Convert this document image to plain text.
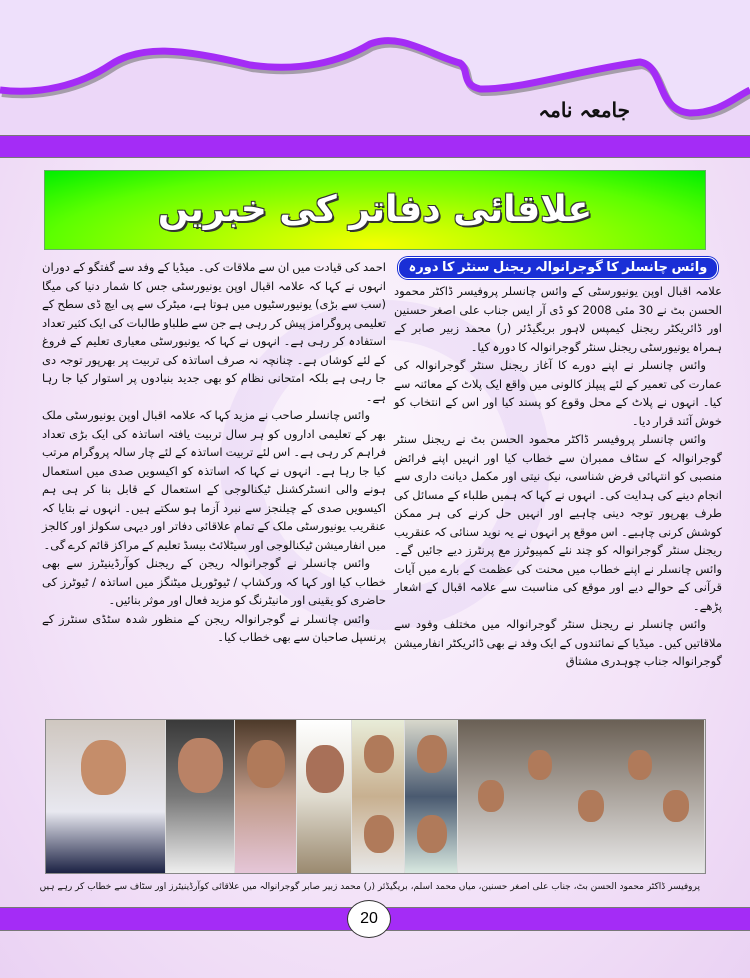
جامعہ نامہ
علاقائی دفاتر کی خبریں
وائس چانسلر کا گوجرانوالہ ریجنل سنٹر کا دورہ

علامہ اقبال اوپن یونیورسٹی کے وائس چانسلر پروفیسر ڈاکٹر محمود الحسن بٹ نے 30 مئی 2008 کو ڈی آر ایس جناب علی اصغر حسنین اور ڈائریکٹر ریجنل کیمپس لاہور بریگیڈئر (ر) محمد زبیر صابر کے ہمراہ یونیورسٹی ریجنل سنٹر گوجرانوالہ کا دورہ کیا۔

وائس چانسلر نے اپنے دورے کا آغاز ریجنل سنٹر گوجرانوالہ کی عمارت کی تعمیر کے لئے پیپلز کالونی میں واقع ایک پلاٹ کے معائنہ سے کیا۔ انہوں نے پلاٹ کے محل وقوع کو پسند کیا اور اس کے انتخاب کو خوش آئند قرار دیا۔

وائس چانسلر پروفیسر ڈاکٹر محمود الحسن بٹ نے ریجنل سنٹر گوجرانوالہ کے سٹاف ممبران سے خطاب کیا اور انہیں اپنے فرائض منصبی کو انتہائی فرض شناسی، نیک نیتی اور مکمل دیانت داری سے انجام دینے کی ہدایت کی۔ انہوں نے کہا کہ ہمیں طلباء کے مسائل کی طرف بھرپور توجہ دینی چاہیے اور انہیں حل کرنے کی ہر ممکن کوشش کرنی چاہیے۔ اس موقع پر انہوں نے یہ نوید سنائی کہ عنقریب ریجنل سنٹر گوجرانوالہ کو چند نئے کمپیوٹرز مع پرنٹرز دیے جائیں گے۔ وائس چانسلر نے اپنے خطاب میں محنت کی عظمت کے بارے میں آیات قرآنی کے حوالے دیے اور موقع کی مناسبت سے علامہ اقبال کے اشعار پڑھے۔

وائس چانسلر نے ریجنل سنٹر گوجرانوالہ میں مختلف وفود سے ملاقاتیں کیں۔ میڈیا کے نمائندوں کے ایک وفد نے بھی ڈائریکٹر انفارمیشن گوجرانوالہ جناب چوہدری مشتاق

احمد کی قیادت میں ان سے ملاقات کی۔ میڈیا کے وفد سے گفتگو کے دوران انہوں نے کہا کہ علامہ اقبال اوپن یونیورسٹی جس کا شمار دنیا کی میگا (سب سے بڑی) یونیورسٹیوں میں ہوتا ہے، میٹرک سے پی ایچ ڈی سطح کے تعلیمی پروگرامز پیش کر رہی ہے جن سے طلباو طالبات کی ایک کثیر تعداد استفادہ کر رہی ہے۔ انہوں نے کہا کہ یونیورسٹی معیاری تعلیم کے فروغ کے لئے کوشاں ہے۔ چنانچہ نہ صرف اساتذہ کی تربیت پر بھرپور توجہ دی جا رہی ہے بلکہ امتحانی نظام کو بھی جدید بنیادوں پر استوار کیا جا رہا ہے۔

وائس چانسلر صاحب نے مزید کہا کہ علامہ اقبال اوپن یونیورسٹی ملک بھر کے تعلیمی اداروں کو ہر سال تربیت یافتہ اساتذہ کی ایک بڑی تعداد فراہم کر رہی ہے۔ اس لئے تربیت اساتذہ کے لئے چار سالہ پروگرام مرتب کیا جا رہا ہے۔ انہوں نے کہا کہ اساتذہ کو اکیسویں صدی میں استعمال ہونے والی انسٹرکشنل ٹیکنالوجی کے استعمال کے قابل بنا کر ہی ہم اکیسویں صدی کے چیلنجز سے نبرد آزما ہو سکتے ہیں۔ انہوں نے بتایا کہ عنقریب یونیورسٹی ملک کے تمام علاقائی دفاتر اور دیہی سکولز اور کالجز میں انفارمیشن ٹیکنالوجی اور سیٹلائٹ بیسڈ تعلیم کے مراکز قائم کرے گی۔

وائس چانسلر نے گوجرانوالہ ریجن کے ریجنل کوآرڈینیٹرز سے بھی خطاب کیا اور کہا کہ ورکشاپ / ٹیوٹوریل میٹنگز میں اساتذہ / ٹیوٹرز کی حاضری کو یقینی اور مانیٹرنگ کو مزید فعال اور موثر بنائیں۔

وائس چانسلر نے گوجرانوالہ ریجن کے منظور شدہ سٹڈی سنٹرز کے پرنسپل صاحبان سے بھی خطاب کیا۔

پروفیسر ڈاکٹر محمود الحسن بٹ، جناب علی اصغر حسنین، میاں محمد اسلم، بریگیڈئر (ر) محمد زبیر صابر گوجرانوالہ میں علاقائی کوآرڈینیٹرز اور سٹاف سے خطاب کر رہے ہیں
20
